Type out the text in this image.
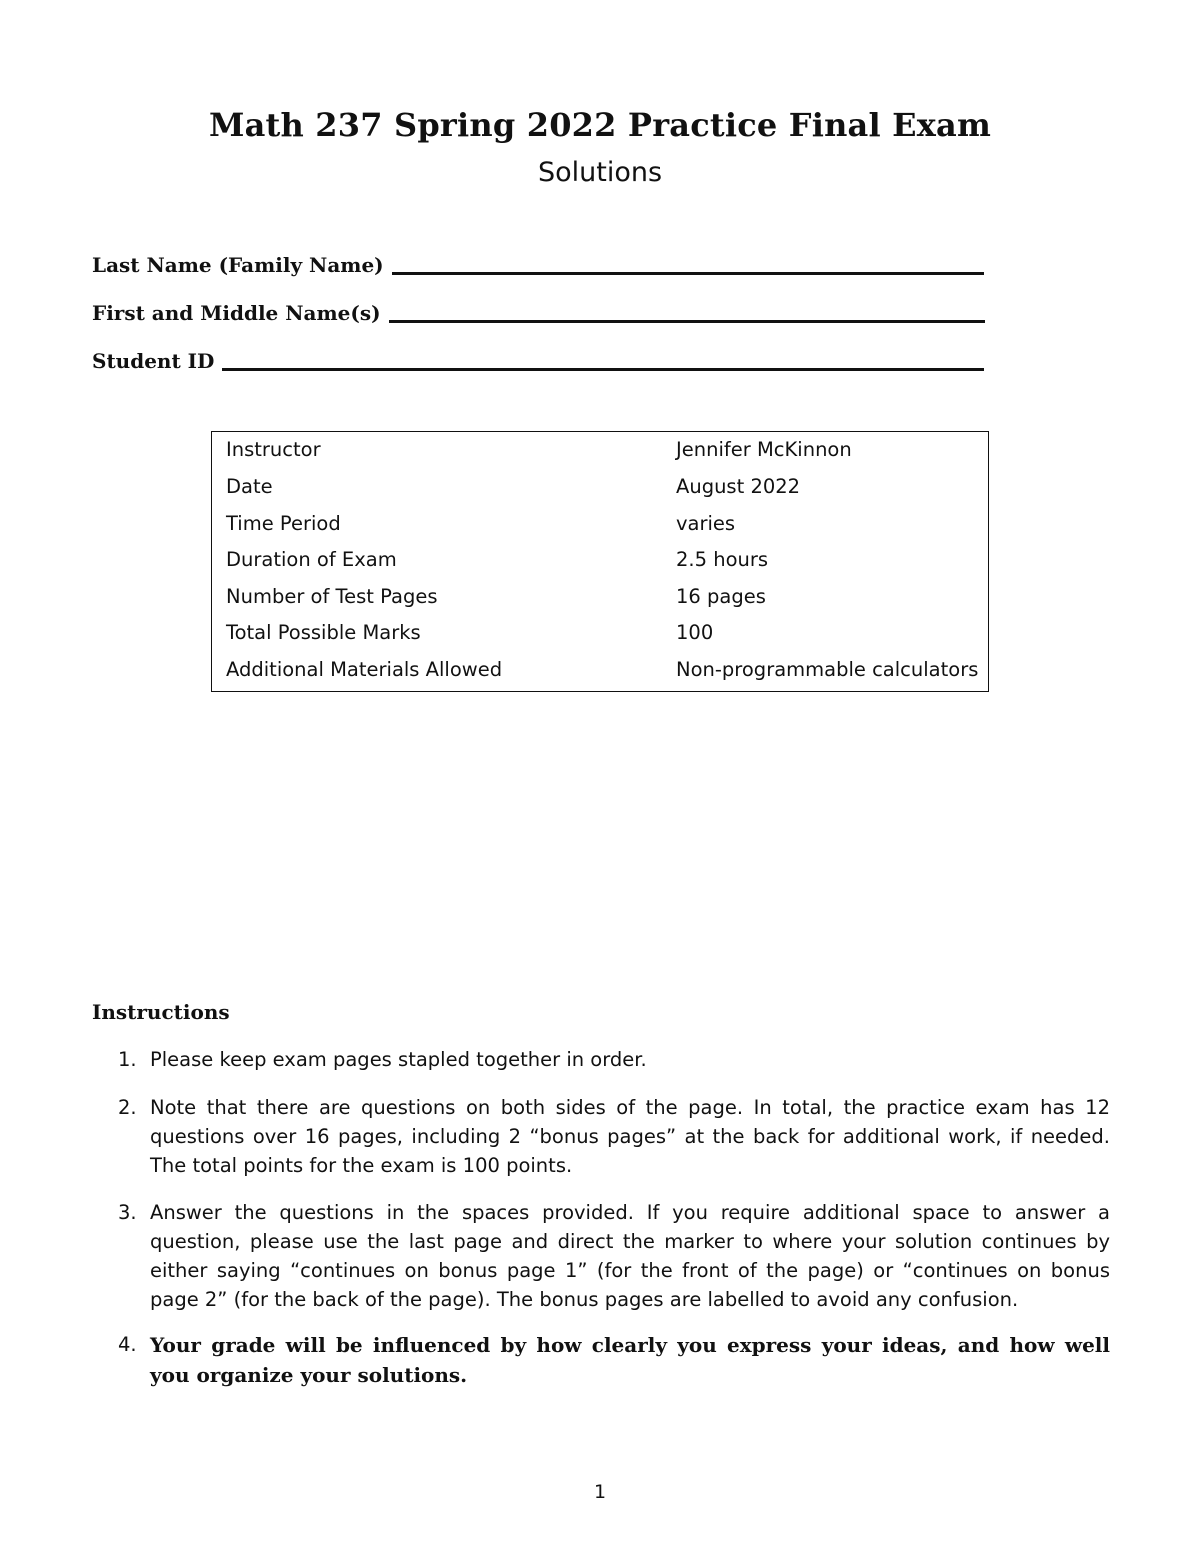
Math 237 Spring 2022 Practice Final Exam
Solutions
Last Name (Family Name)
First and Middle Name(s)
Student ID
Instructor	Jennifer McKinnon
Date	August 2022
Time Period	varies
Duration of Exam	2.5 hours
Number of Test Pages	16 pages
Total Possible Marks	100
Additional Materials Allowed	Non-programmable calculators
Instructions
1. Please keep exam pages stapled together in order.
2. Note that there are questions on both sides of the page. In total, the practice exam has 12 questions over 16 pages, including 2 “bonus pages” at the back for additional work, if needed. The total points for the exam is 100 points.
3. Answer the questions in the spaces provided. If you require additional space to answer a question, please use the last page and direct the marker to where your solution continues by either saying “continues on bonus page 1” (for the front of the page) or “continues on bonus page 2” (for the back of the page). The bonus pages are labelled to avoid any confusion.
4. Your grade will be influenced by how clearly you express your ideas, and how well you organize your solutions.
1
